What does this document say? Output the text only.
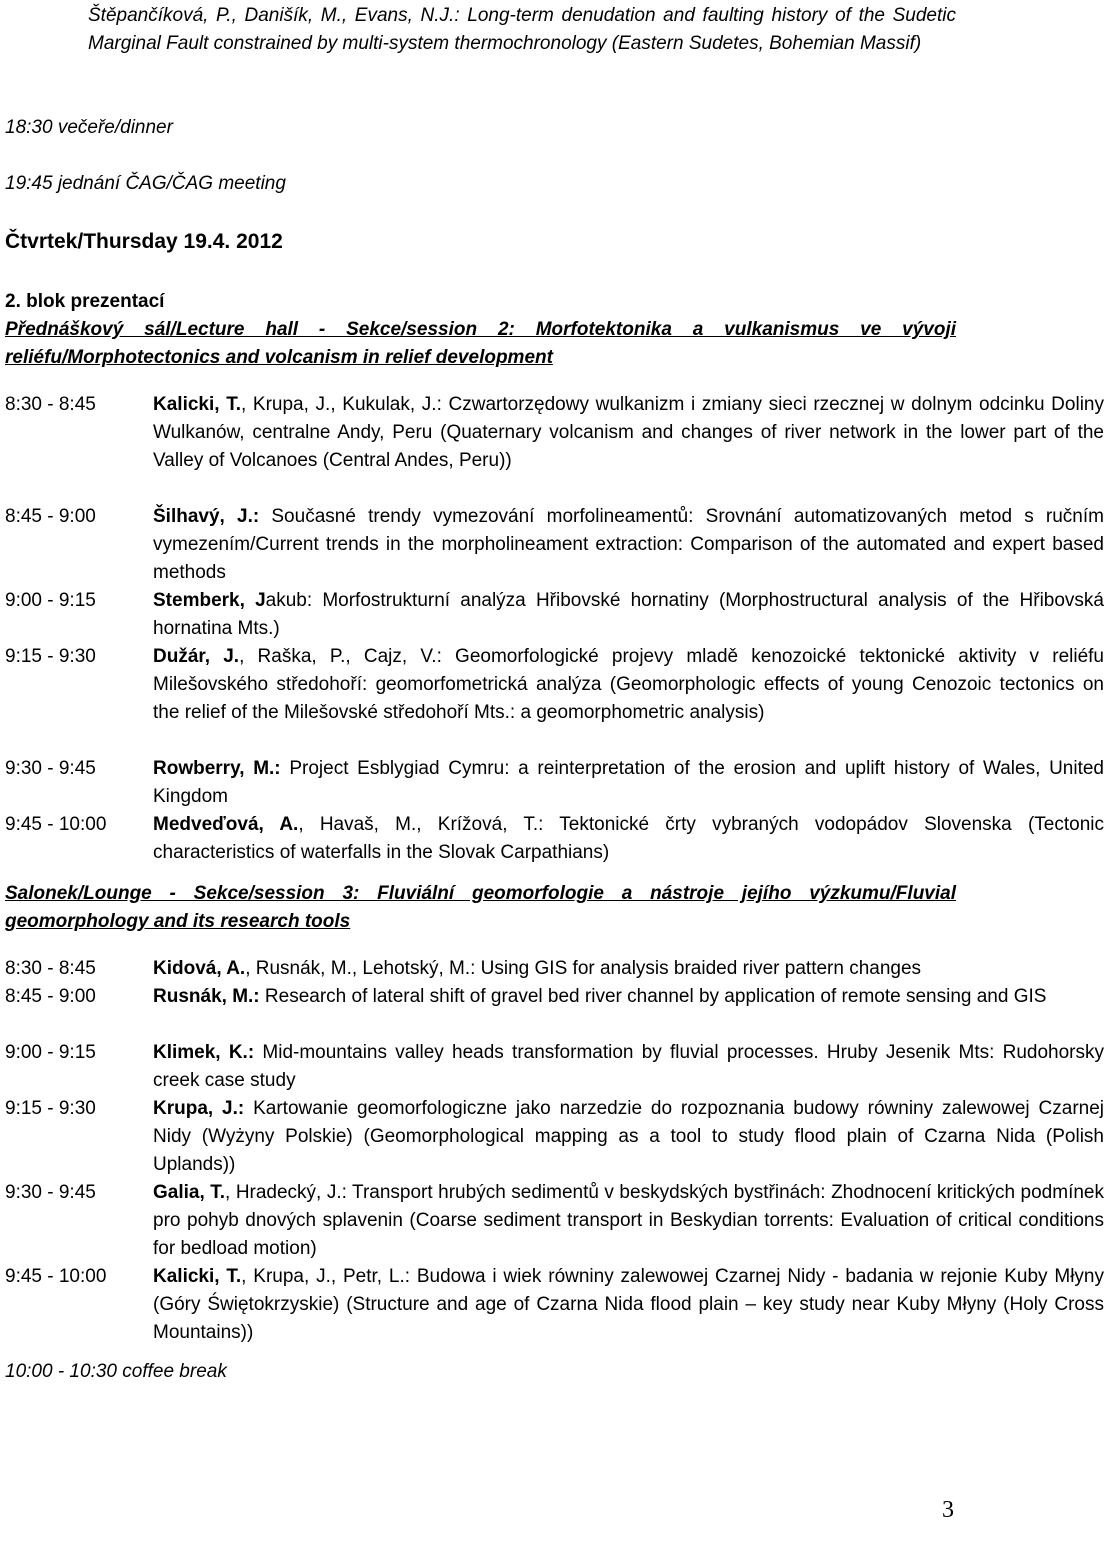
Štěpančíková, P., Danišík, M., Evans, N.J.: Long-term denudation and faulting history of the Sudetic Marginal Fault constrained by multi-system thermochronology (Eastern Sudetes, Bohemian Massif)

18:30 večeře/dinner

19:45 jednání ČAG/ČAG meeting

Čtvrtek/Thursday 19.4. 2012

2. blok prezentací

Přednáškový sál/Lecture hall - Sekce/session 2: Morfotektonika a vulkanismus ve vývoji reliéfu/Morphotectonics and volcanism in relief development

8:30 - 8:45	Kalicki, T., Krupa, J., Kukulak, J.: Czwartorzędowy wulkanizm i zmiany sieci rzecznej w dolnym odcinku Doliny Wulkanów, centralne Andy, Peru (Quaternary volcanism and changes of river network in the lower part of the Valley of Volcanoes (Central Andes, Peru))

8:45 - 9:00	Šilhavý, J.: Současné trendy vymezování morfolineamentů: Srovnání automatizovaných metod s ručním vymezením/Current trends in the morpholineament extraction: Comparison of the automated and expert based methods

9:00 - 9:15	Stemberk, Jakub: Morfostrukturní analýza Hřibovské hornatiny (Morphostructural analysis of the Hřibovská hornatina Mts.)

9:15 - 9:30	Dužár, J., Raška, P., Cajz, V.: Geomorfologické projevy mladě kenozoické tektonické aktivity v reliéfu Milešovského středohoří: geomorfometrická analýza (Geomorphologic effects of young Cenozoic tectonics on the relief of the Milešovské středohoří Mts.: a geomorphometric analysis)

9:30 - 9:45	Rowberry, M.: Project Esblygiad Cymru: a reinterpretation of the erosion and uplift history of Wales, United Kingdom

9:45 - 10:00 Medveďová, A., Havaš, M., Krížová, T.: Tektonické črty vybraných vodopádov Slovenska (Tectonic characteristics of waterfalls in the Slovak Carpathians)

Salonek/Lounge - Sekce/session 3: Fluviální geomorfologie a nástroje jejího výzkumu/Fluvial geomorphology and its research tools

8:30 - 8:45	Kidová, A., Rusnák, M., Lehotský, M.: Using GIS for analysis braided river pattern changes

8:45 - 9:00	Rusnák, M.: Research of lateral shift of gravel bed river channel by application of remote sensing and GIS

9:00 - 9:15	Klimek, K.: Mid-mountains valley heads transformation by fluvial processes. Hruby Jesenik Mts: Rudohorsky creek case study

9:15 - 9:30	Krupa, J.: Kartowanie geomorfologiczne jako narzedzie do rozpoznania budowy równiny zalewowej Czarnej Nidy (Wyżyny Polskie) (Geomorphological mapping as a tool to study flood plain of Czarna Nida (Polish Uplands))

9:30 - 9:45	Galia, T., Hradecký, J.: Transport hrubých sedimentů v beskydských bystřinách: Zhodnocení kritických podmínek pro pohyb dnových splavenin (Coarse sediment transport in Beskydian torrents: Evaluation of critical conditions for bedload motion)

9:45 - 10:00 Kalicki, T., Krupa, J., Petr, L.: Budowa i wiek równiny zalewowej Czarnej Nidy - badania w rejonie Kuby Młyny (Góry Świętokrzyskie) (Structure and age of Czarna Nida flood plain – key study near Kuby Młyny (Holy Cross Mountains))

10:00 - 10:30 coffee break

3
